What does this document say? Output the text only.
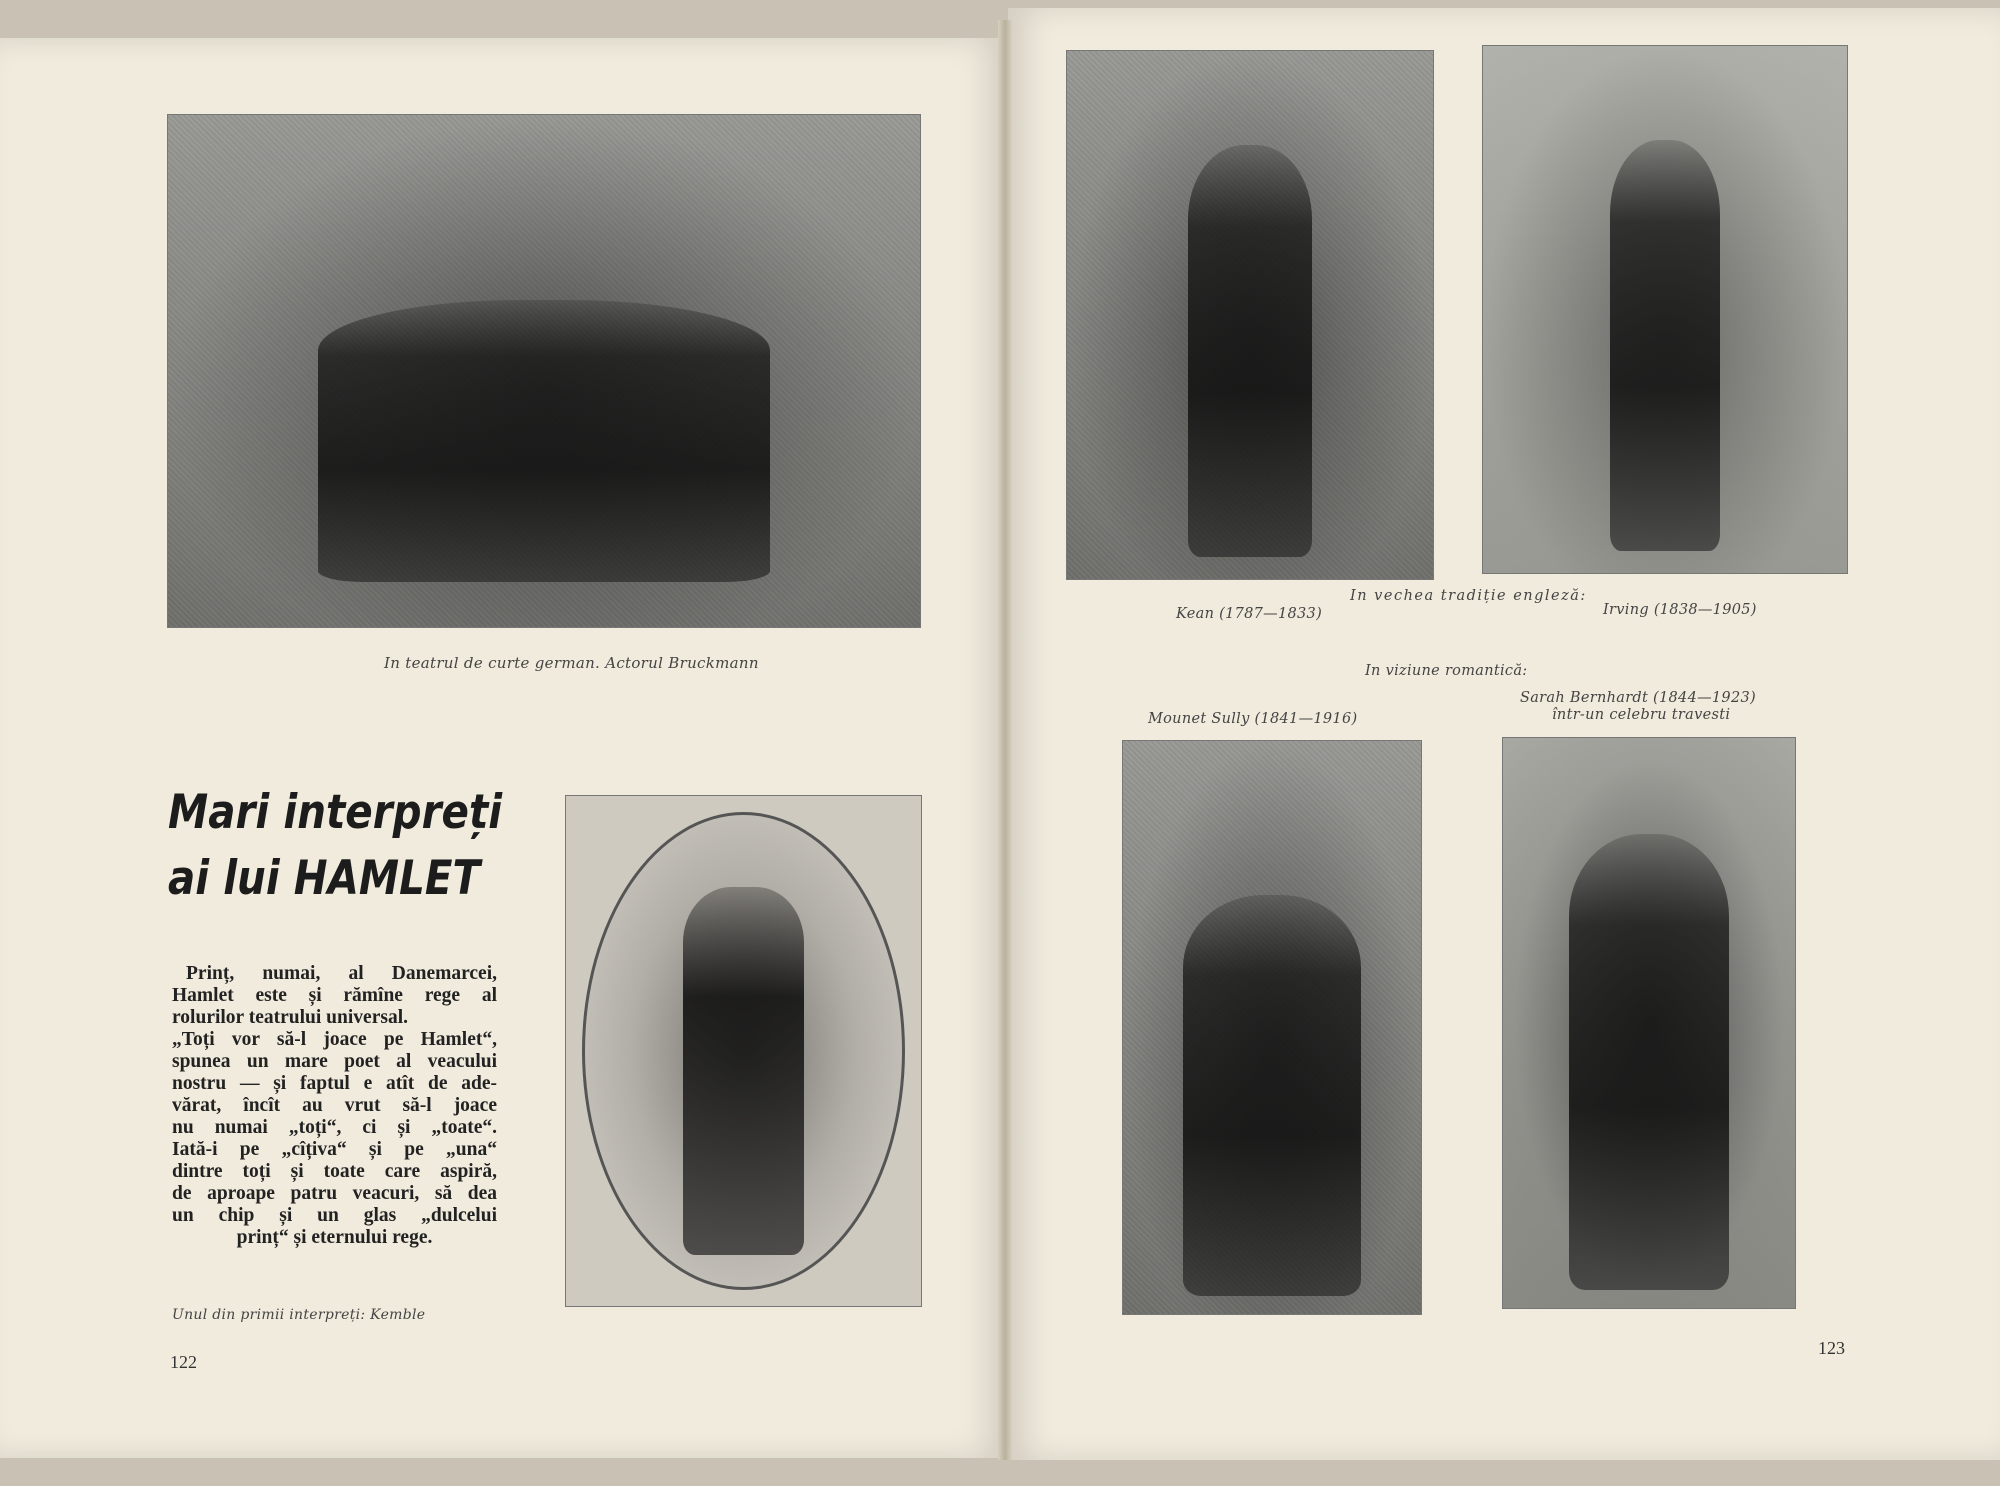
In teatrul de curte german. Actorul Bruckmann
Mari interpreți
ai lui HAMLET
Prinț, numai, al Danemarcei,
Hamlet este și rămîne rege al
rolurilor teatrului universal.
„Toți vor să-l joace pe Hamlet“,
spunea un mare poet al veacului
nostru — și faptul e atît de ade-
vărat, încît au vrut să-l joace
nu numai „toți“, ci și „toate“.
Iată-i pe „cîțiva“ și pe „una“
dintre toți și toate care aspiră,
de aproape patru veacuri, să dea
un chip și un glas „dulcelui
prinț“ și eternului rege.
Unul din primii interpreți: Kemble
122
In vechea tradiție engleză:
Kean (1787—1833)	Irving (1838—1905)
In viziune romantică:
Sarah Bernhardt (1844—1923)
Mounet Sully (1841—1916)	într-un celebru travesti
123
